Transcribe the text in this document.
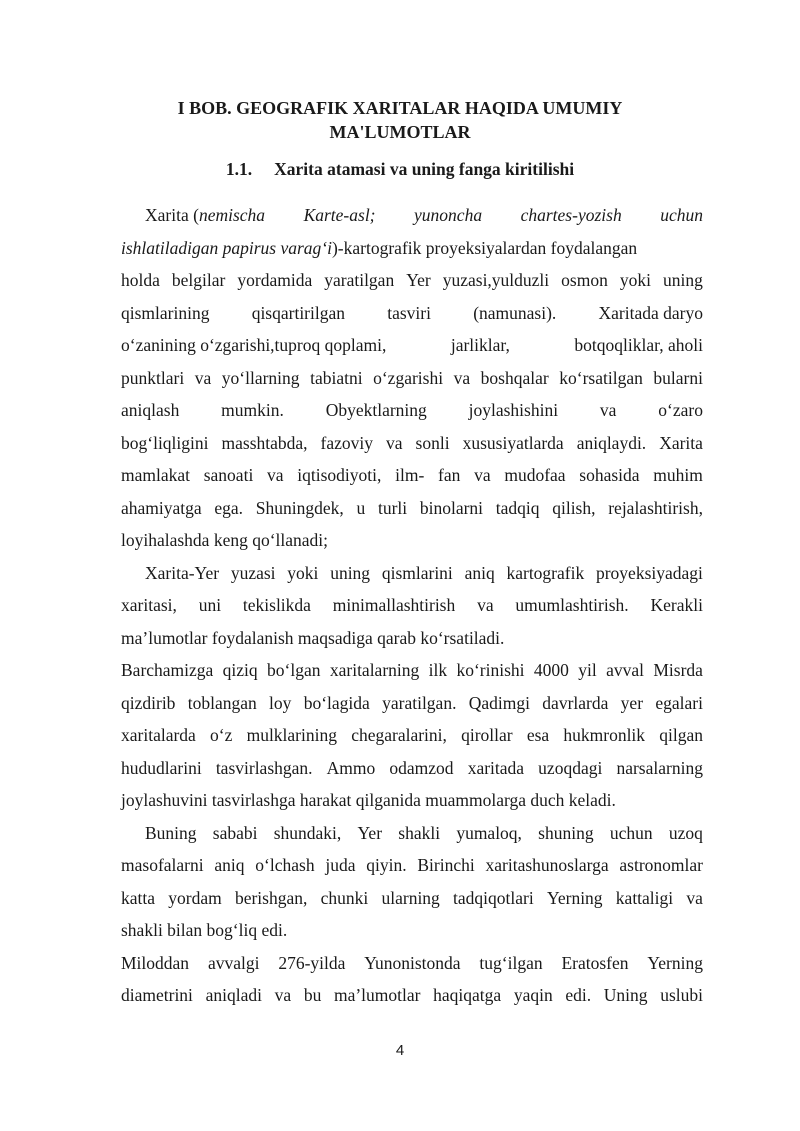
I BOB. GEOGRAFIK XARITALAR HAQIDA UMUMIY
MA'LUMOTLAR
1.1. Xarita atamasi va uning fanga kiritilishi
Xarita (nemischa Karte-asl; yunoncha chartes-yozish uchun
ishlatiladigan papirus varag‘i)-kartografik proyeksiyalardan foydalangan
holda belgilar yordamida yaratilgan Yer yuzasi,yulduzli osmon yoki uning
qismlarining qisqartirilgan tasviri (namunasi). Xaritada daryo
o‘zanining o‘zgarishi,tuproq qoplami,	jarliklar,	botqoqliklar, aholi
punktlari va yo‘llarning tabiatni o‘zgarishi va boshqalar ko‘rsatilgan bularni
aniqlash mumkin. Obyektlarning joylashishini va o‘zaro
bog‘liqligini masshtabda, fazoviy va sonli xususiyatlarda aniqlaydi. Xarita
mamlakat sanoati va iqtisodiyoti, ilm- fan va mudofaa sohasida muhim
ahamiyatga ega. Shuningdek, u turli binolarni tadqiq qilish, rejalashtirish,
loyihalashda keng qo‘llanadi;
Xarita-Yer yuzasi yoki uning qismlarini aniq kartografik proyeksiyadagi
xaritasi, uni tekislikda minimallashtirish va umumlashtirish. Kerakli
ma’lumotlar foydalanish maqsadiga qarab ko‘rsatiladi.
Barchamizga qiziq bo‘lgan xaritalarning ilk ko‘rinishi 4000 yil avval Misrda
qizdirib toblangan loy bo‘lagida yaratilgan. Qadimgi davrlarda yer egalari
xaritalarda o‘z mulklarining chegaralarini, qirollar esa hukmronlik qilgan
hududlarini tasvirlashgan. Ammo odamzod xaritada uzoqdagi narsalarning
joylashuvini tasvirlashga harakat qilganida muammolarga duch keladi.
Buning sababi shundaki, Yer shakli yumaloq, shuning uchun uzoq
masofalarni aniq o‘lchash juda qiyin. Birinchi xaritashunoslarga astronomlar
katta yordam berishgan, chunki ularning tadqiqotlari Yerning kattaligi va
shakli bilan bog‘liq edi.
Miloddan avvalgi 276-yilda Yunonistonda tug‘ilgan Eratosfen Yerning
diametrini aniqladi va bu ma’lumotlar haqiqatga yaqin edi. Uning uslubi
4
